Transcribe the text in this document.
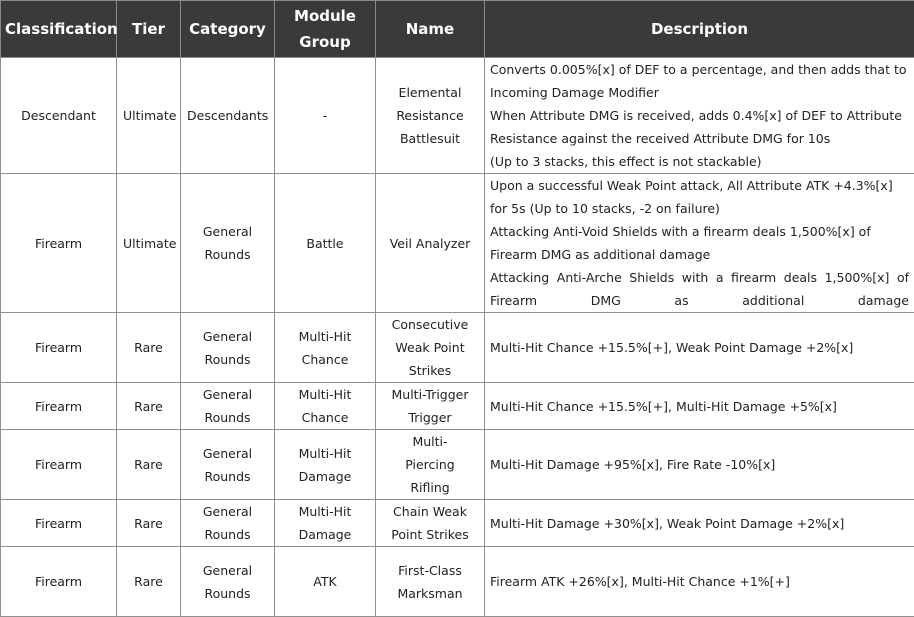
Classification	Tier	Category	Module Group	Name	Description
Descendant	Ultimate	Descendants	-	Elemental Resistance Battlesuit	Converts 0.005%[x] of DEF to a percentage, and then adds that to Incoming Damage Modifier
When Attribute DMG is received, adds 0.4%[x] of DEF to Attribute Resistance against the received Attribute DMG for 10s
(Up to 3 stacks, this effect is not stackable)

Firearm	Ultimate	General Rounds	Battle	Veil Analyzer	Upon a successful Weak Point attack, All Attribute ATK +4.3%[x] for 5s (Up to 10 stacks, -2 on failure)
Attacking Anti-Void Shields with a firearm deals 1,500%[x] of Firearm DMG as additional damage
Attacking Anti-Arche Shields with a firearm deals 1,500%[x] of Firearm DMG as additional damage

Firearm	Rare	General Rounds	Multi-Hit Chance	Consecutive Weak Point Strikes	Multi-Hit Chance +15.5%[+], Weak Point Damage +2%[x]

Firearm	Rare	General Rounds	Multi-Hit Chance	Multi-Trigger Trigger	Multi-Hit Chance +15.5%[+], Multi-Hit Damage +5%[x]

Firearm	Rare	General Rounds	Multi-Hit Damage	Multi-Piercing Rifling	Multi-Hit Damage +95%[x], Fire Rate -10%[x]

Firearm	Rare	General Rounds	Multi-Hit Damage	Chain Weak Point Strikes	Multi-Hit Damage +30%[x], Weak Point Damage +2%[x]

Firearm	Rare	General Rounds	ATK	First-Class Marksman	Firearm ATK +26%[x], Multi-Hit Chance +1%[+]
